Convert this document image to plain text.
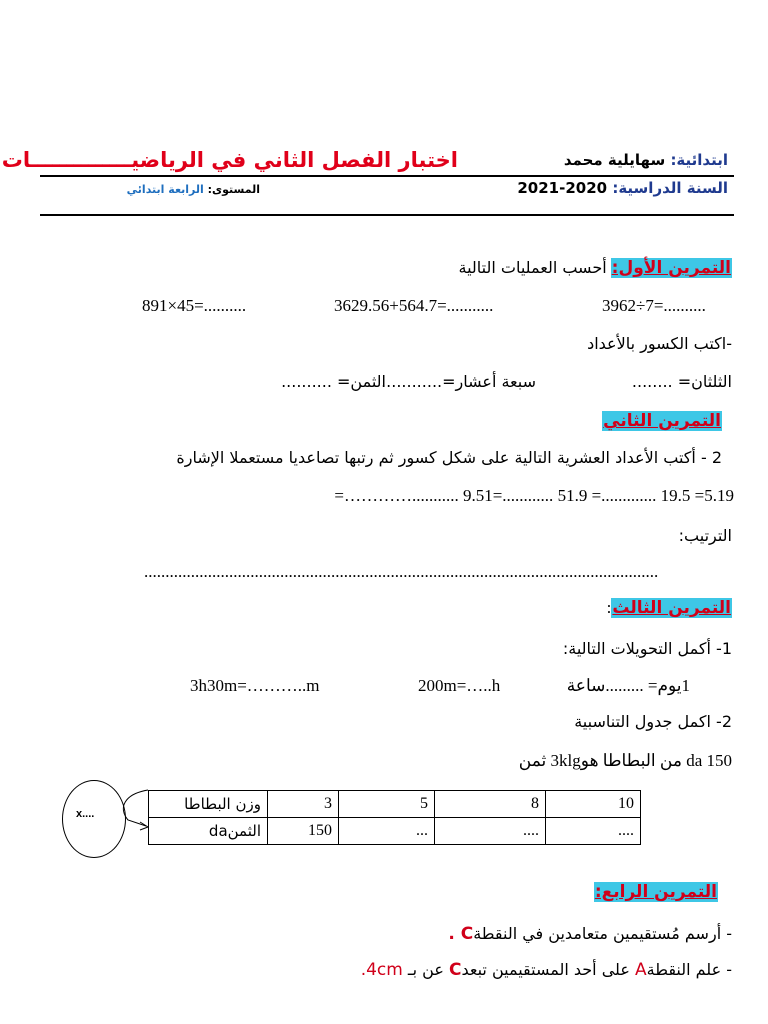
اختبار الفصل الثاني في الرياضيــــــــــــــات	ابتدائية: سهايلية محمد
السنة الدراسية: 2021-2020
المستوى: الرابعة ابتدائي
التمرين الأول: أحسب العمليات التالية
3962÷7=..........
3629.56+564.7=...........
891×45=..........
-اكتب الكسور بالأعداد
الثلثان= ........
سبعة أعشار=............
الثمن= ..........
التمرين الثاني
2 - أكتب الأعداد العشرية التالية على شكل كسور ثم رتبها تصاعديا مستعملا الإشارة
5.19= 19.5 .............= 51.9 ............=9.51 ...........…………=
الترتيب:
.........................................................................................................................
التمرين الثالث:
1- أكمل التحويلات التالية:
1يوم= .........ساعة
200m=…..h
3h30m=………..m
2- اكمل جدول التناسبية
150 da من البطاطا هو3klg ثمن
x....
وزن البطاطا	3	5	8	10
الثمنda	150	...	....	....
التمرين الرابع:
- أرسم مُستقيمين متعامدين في النقطةC .
- علم النقطةA على أحد المستقيمين تبعدC عن بـ .4cm
